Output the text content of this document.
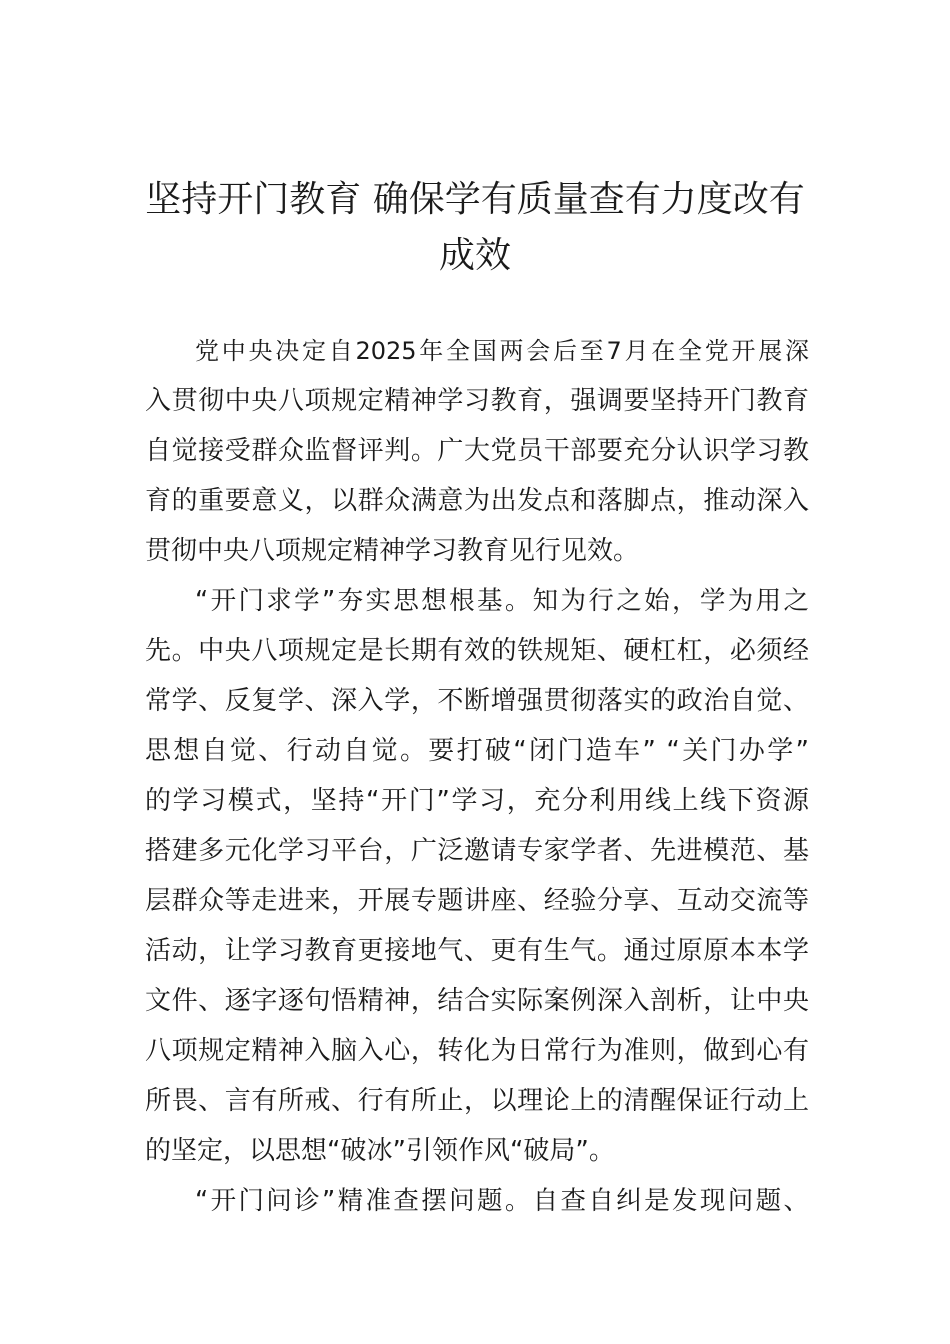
坚持开门教育 确保学有质量查有力度改有
成效
党中央决定自2025年全国两会后至7月在全党开展深
入贯彻中央八项规定精神学习教育，强调要坚持开门教育
自觉接受群众监督评判。广大党员干部要充分认识学习教
育的重要意义，以群众满意为出发点和落脚点，推动深入
贯彻中央八项规定精神学习教育见行见效。
“开门求学”夯实思想根基。知为行之始，学为用之
先。中央八项规定是长期有效的铁规矩、硬杠杠，必须经
常学、反复学、深入学，不断增强贯彻落实的政治自觉、
思想自觉、行动自觉。要打破“闭门造车” “关门办学”
的学习模式，坚持“开门”学习，充分利用线上线下资源
搭建多元化学习平台，广泛邀请专家学者、先进模范、基
层群众等走进来，开展专题讲座、经验分享、互动交流等
活动，让学习教育更接地气、更有生气。通过原原本本学
文件、逐字逐句悟精神，结合实际案例深入剖析，让中央
八项规定精神入脑入心，转化为日常行为准则，做到心有
所畏、言有所戒、行有所止，以理论上的清醒保证行动上
的坚定，以思想“破冰”引领作风“破局”。
“开门问诊”精准查摆问题。自查自纠是发现问题、
